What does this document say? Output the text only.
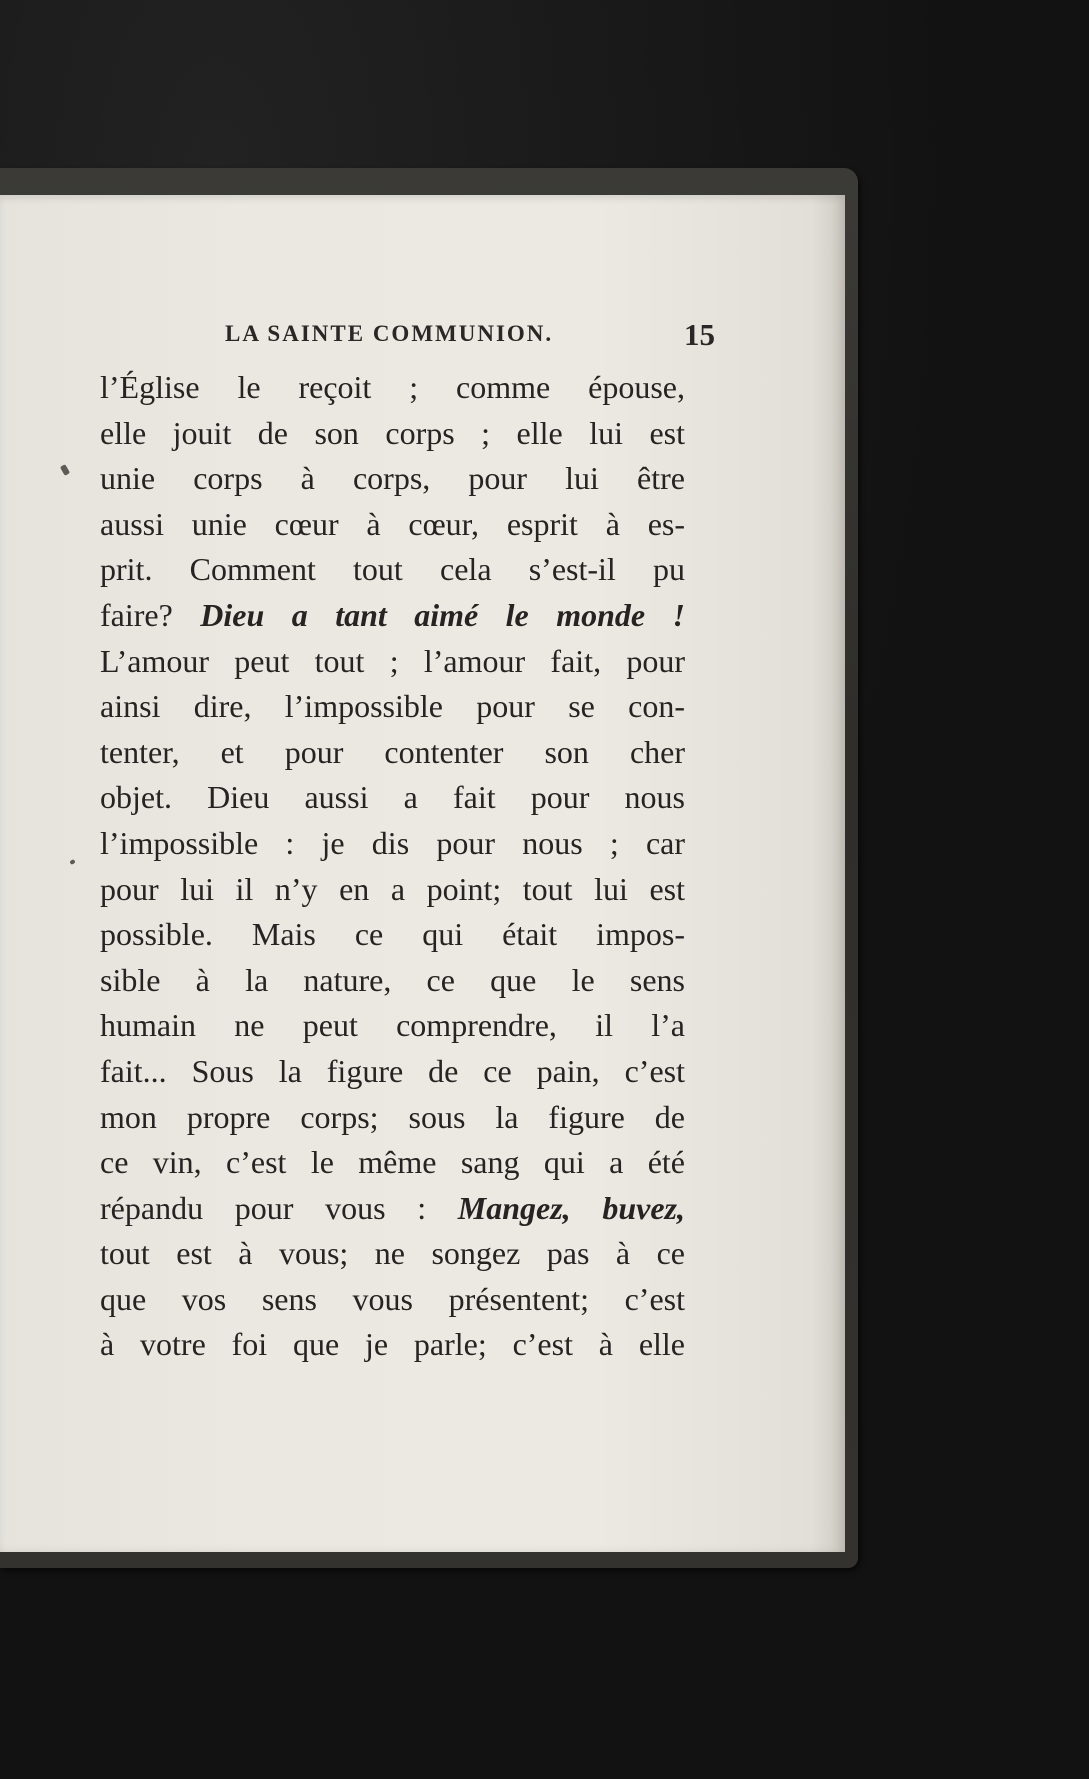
LA SAINTE COMMUNION.	15
l’Église le reçoit ; comme épouse,
elle jouit de son corps ; elle lui est
unie corps à corps, pour lui être
aussi unie cœur à cœur, esprit à es-
prit. Comment tout cela s’est-il pu
faire? Dieu a tant aimé le monde !
L’amour peut tout ; l’amour fait, pour
ainsi dire, l’impossible pour se con-
tenter, et pour contenter son cher
objet. Dieu aussi a fait pour nous
l’impossible : je dis pour nous ; car
pour lui il n’y en a point; tout lui est
possible. Mais ce qui était impos-
sible à la nature, ce que le sens
humain ne peut comprendre, il l’a
fait... Sous la figure de ce pain, c’est
mon propre corps; sous la figure de
ce vin, c’est le même sang qui a été
répandu pour vous : Mangez, buvez,
tout est à vous; ne songez pas à ce
que vos sens vous présentent; c’est
à votre foi que je parle; c’est à elle
